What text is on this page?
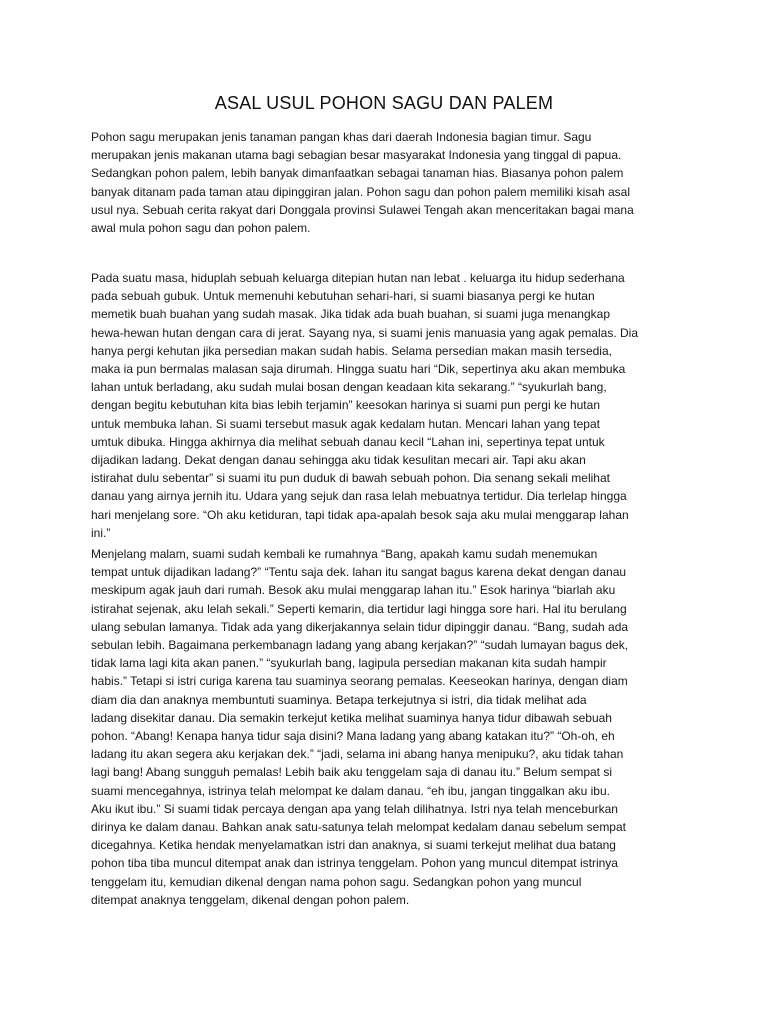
ASAL USUL POHON SAGU DAN PALEM

Pohon sagu merupakan jenis tanaman pangan khas dari daerah Indonesia bagian timur. Sagu
merupakan jenis makanan utama bagi sebagian besar masyarakat Indonesia yang tinggal di papua.
Sedangkan pohon palem, lebih banyak dimanfaatkan sebagai tanaman hias. Biasanya pohon palem
banyak ditanam pada taman atau dipinggiran jalan. Pohon sagu dan pohon palem memiliki kisah asal
usul nya. Sebuah cerita rakyat dari Donggala provinsi Sulawei Tengah akan menceritakan bagai mana
awal mula pohon sagu dan pohon palem.

Pada suatu masa, hiduplah sebuah keluarga ditepian hutan nan lebat . keluarga itu hidup sederhana
pada sebuah gubuk. Untuk memenuhi kebutuhan sehari-hari, si suami biasanya pergi ke hutan
memetik buah buahan yang sudah masak. Jika tidak ada buah buahan, si suami juga menangkap
hewa-hewan hutan dengan cara di jerat. Sayang nya, si suami jenis manuasia yang agak pemalas. Dia
hanya pergi kehutan jika persedian makan sudah habis. Selama persedian makan masih tersedia,
maka ia pun bermalas malasan saja dirumah. Hingga suatu hari “Dik, sepertinya aku akan membuka
lahan untuk berladang, aku sudah mulai bosan dengan keadaan kita sekarang.” “syukurlah bang,
dengan begitu kebutuhan kita bias lebih terjamin” keesokan harinya si suami pun pergi ke hutan
untuk membuka lahan. Si suami tersebut masuk agak kedalam hutan. Mencari lahan yang tepat
umtuk dibuka. Hingga akhirnya dia melihat sebuah danau kecil “Lahan ini, sepertinya tepat untuk
dijadikan ladang. Dekat dengan danau sehingga aku tidak kesulitan mecari air. Tapi aku akan
istirahat dulu sebentar” si suami itu pun duduk di bawah sebuah pohon. Dia senang sekali melihat
danau yang airnya jernih itu. Udara yang sejuk dan rasa lelah mebuatnya tertidur. Dia terlelap hingga
hari menjelang sore. “Oh aku ketiduran, tapi tidak apa-apalah besok saja aku mulai menggarap lahan
ini.”

Menjelang malam, suami sudah kembali ke rumahnya “Bang, apakah kamu sudah menemukan
tempat untuk dijadikan ladang?” “Tentu saja dek. lahan itu sangat bagus karena dekat dengan danau
meskipum agak jauh dari rumah. Besok aku mulai menggarap lahan itu.” Esok harinya “biarlah aku
istirahat sejenak, aku lelah sekali.” Seperti kemarin, dia tertidur lagi hingga sore hari. Hal itu berulang
ulang sebulan lamanya. Tidak ada yang dikerjakannya selain tidur dipinggir danau. “Bang, sudah ada
sebulan lebih. Bagaimana perkembanagn ladang yang abang kerjakan?” “sudah lumayan bagus dek,
tidak lama lagi kita akan panen.” “syukurlah bang, lagipula persedian makanan kita sudah hampir
habis.” Tetapi si istri curiga karena tau suaminya seorang pemalas. Keeseokan harinya, dengan diam
diam dia dan anaknya membuntuti suaminya. Betapa terkejutnya si istri, dia tidak melihat ada
ladang disekitar danau. Dia semakin terkejut ketika melihat suaminya hanya tidur dibawah sebuah
pohon. “Abang! Kenapa hanya tidur saja disini? Mana ladang yang abang katakan itu?” “Oh-oh, eh
ladang itu akan segera aku kerjakan dek.” “jadi, selama ini abang hanya menipuku?, aku tidak tahan
lagi bang! Abang sungguh pemalas! Lebih baik aku tenggelam saja di danau itu.” Belum sempat si
suami mencegahnya, istrinya telah melompat ke dalam danau. “eh ibu, jangan tinggalkan aku ibu.
Aku ikut ibu.” Si suami tidak percaya dengan apa yang telah dilihatnya. Istri nya telah menceburkan
dirinya ke dalam danau. Bahkan anak satu-satunya telah melompat kedalam danau sebelum sempat
dicegahnya. Ketika hendak menyelamatkan istri dan anaknya, si suami terkejut melihat dua batang
pohon tiba tiba muncul ditempat anak dan istrinya tenggelam. Pohon yang muncul ditempat istrinya
tenggelam itu, kemudian dikenal dengan nama pohon sagu. Sedangkan pohon yang muncul
ditempat anaknya tenggelam, dikenal dengan pohon palem.
